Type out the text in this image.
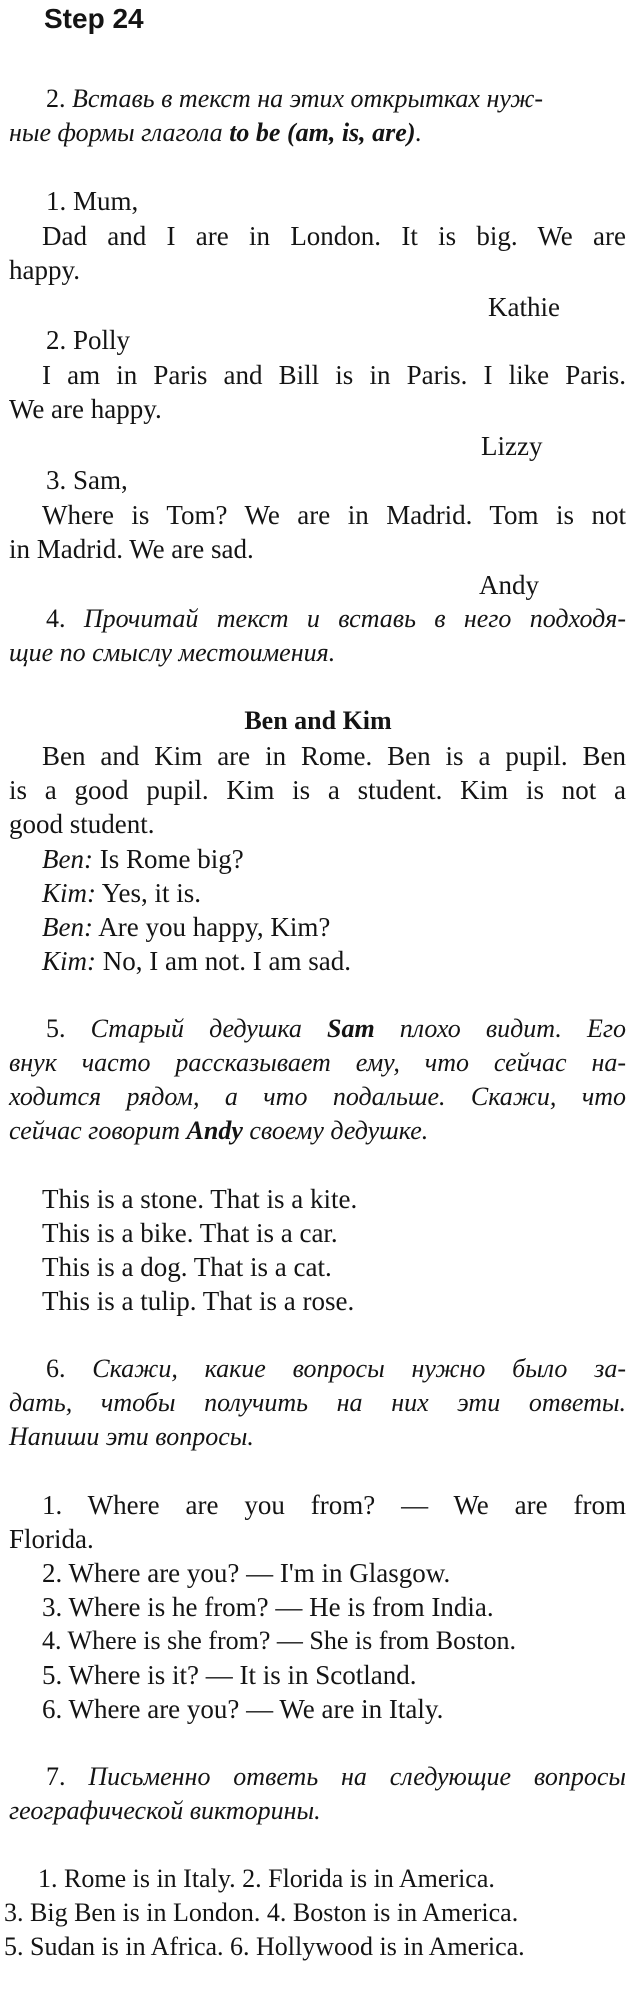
Step 24
2. Вставь в текст на этих открытках нуж-
ные формы глагола to be (am, is, are).
1. Mum,
Dad and I are in London. It is big. We are
happy.
Kathie
2. Polly
I am in Paris and Bill is in Paris. I like Paris.
We are happy.
Lizzy
3. Sam,
Where is Tom? We are in Madrid. Tom is not
in Madrid. We are sad.
Andy
4. Прочитай текст и вставь в него подходя-
щие по смыслу местоимения.
Ben and Kim
Ben and Kim are in Rome. Ben is a pupil. Ben
is a good pupil. Kim is a student. Kim is not a
good student.
Ben: Is Rome big?
Kim: Yes, it is.
Ben: Are you happy, Kim?
Kim: No, I am not. I am sad.
5. Старый дедушка Sam плохо видит. Его
внук часто рассказывает ему, что сейчас на-
ходится рядом, а что подальше. Скажи, что
сейчас говорит Andy своему дедушке.
This is a stone. That is a kite.
This is a bike. That is a car.
This is a dog. That is a cat.
This is a tulip. That is a rose.
6. Скажи, какие вопросы нужно было за-
дать, чтобы получить на них эти ответы.
Напиши эти вопросы.
1. Where are you from? — We are from
Florida.
2. Where are you? — I'm in Glasgow.
3. Where is he from? — He is from India.
4. Where is she from? — She is from Boston.
5. Where is it? — It is in Scotland.
6. Where are you? — We are in Italy.
7. Письменно ответь на следующие вопросы
географической викторины.
1. Rome is in Italy. 2. Florida is in America.
3. Big Ben is in London. 4. Boston is in America.
5. Sudan is in Africa. 6. Hollywood is in America.
